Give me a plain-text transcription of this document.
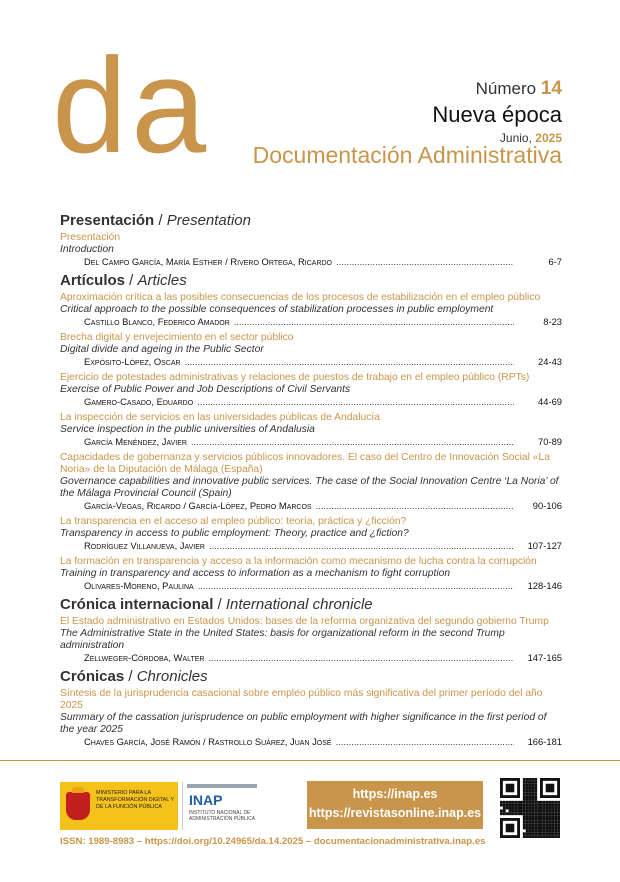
da	Número 14
Nueva época
Junio, 2025
Documentación Administrativa
Presentación / Presentation
Presentación
Introduction
Del Campo García, María Esther / Rivero Ortega, Ricardo .....	6-7
Artículos / Articles
Aproximación crítica a las posibles consecuencias de los procesos de estabilización en el empleo público
Critical approach to the possible consequences of stabilization processes in public employment
Castillo Blanco, Federico Amador .....	8-23
Brecha digital y envejecimiento en el sector público
Digital divide and ageing in the Public Sector
Expósito-López, Oscar .....	24-43
Ejercicio de potestades administrativas y relaciones de puestos de trabajo en el empleo público (RPTs)
Exercise of Public Power and Job Descriptions of Civil Servants
Gamero-Casado, Eduardo .....	44-69
La inspección de servicios en las universidades públicas de Andalucía
Service inspection in the public universities of Andalusia
García Menéndez, Javier .....	70-89
Capacidades de gobernanza y servicios públicos innovadores. El caso del Centro de Innovación Social «La Noria» de la Diputación de Málaga (España)
Governance capabilities and innovative public services. The case of the Social Innovation Centre ‘La Noria’ of the Málaga Provincial Council (Spain)
García-Vegas, Ricardo / García-López, Pedro Marcos .....	90-106
La transparencia en el acceso al empleo público: teoría, práctica y ¿ficción?
Transparency in access to public employment: Theory, practice and ¿fiction?
Rodríguez Villanueva, Javier .....	107-127
La formación en transparencia y acceso a la información como mecanismo de lucha contra la corrupción
Training in transparency and access to information as a mechanism to fight corruption
Olivares-Moreno, Paulina .....	128-146
Crónica internacional / International chronicle
El Estado administrativo en Estados Unidos: bases de la reforma organizativa del segundo gobierno Trump
The Administrative State in the United States: basis for organizational reform in the second Trump administration
Zellweger-Córdoba, Walter .....	147-165
Crónicas / Chronicles
Síntesis de la jurisprudencia casacional sobre empleo público más significativa del primer período del año 2025
Summary of the cassation jurisprudence on public employment with higher significance in the first period of the year 2025
Chaves García, José Ramón / Rastrollo Suárez, Juan José .....	166-181
MINISTERIO PARA LA TRANSFORMACIÓN DIGITAL Y DE LA FUNCIÓN PÚBLICA	INAP
INSTITUTO NACIONAL DE ADMINISTRACIÓN PÚBLICA
https://inap.es
https://revistasonline.inap.es
ISSN: 1989-8983 – https://doi.org/10.24965/da.14.2025 – documentacionadministrativa.inap.es
